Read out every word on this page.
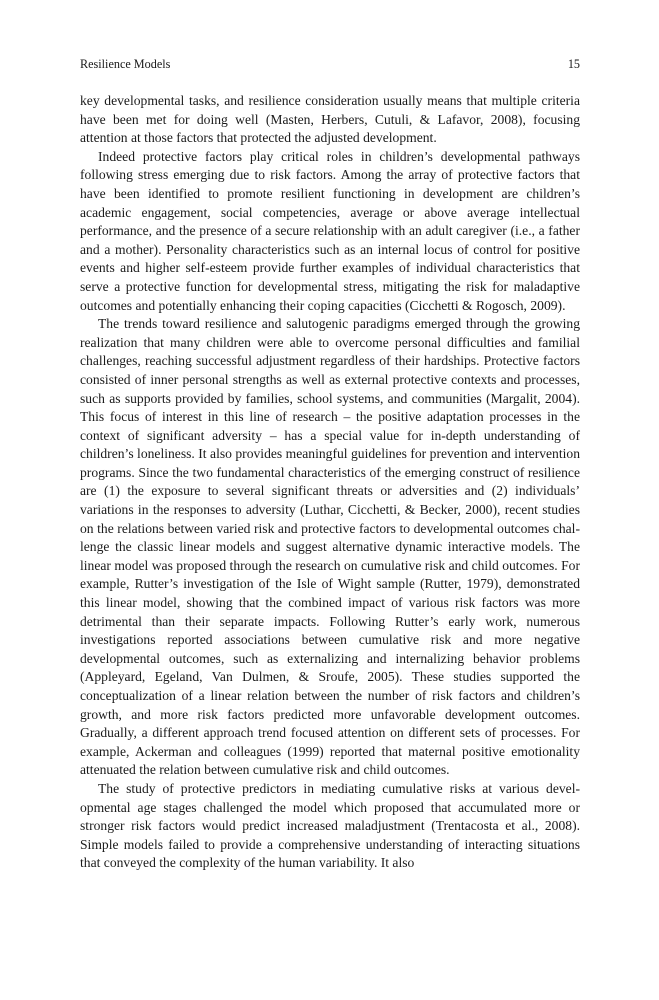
Resilience Models	15

key developmental tasks, and resilience consideration usually means that multiple criteria have been met for doing well (Masten, Herbers, Cutuli, & Lafavor, 2008), focusing attention at those factors that protected the adjusted development.

Indeed protective factors play critical roles in children’s developmental pathways following stress emerging due to risk factors. Among the array of protective factors that have been identified to promote resilient functioning in development are children’s academic engagement, social competencies, average or above average intellectual performance, and the presence of a secure relationship with an adult caregiver (i.e., a father and a mother). Personality characteristics such as an internal locus of control for positive events and higher self-esteem provide further examples of individual characteristics that serve a protective function for developmental stress, mitigating the risk for maladaptive outcomes and potentially enhancing their coping capacities (Cicchetti & Rogosch, 2009).

The trends toward resilience and salutogenic paradigms emerged through the growing realization that many children were able to overcome personal difficulties and familial challenges, reaching successful adjustment regardless of their hardships. Protective factors consisted of inner personal strengths as well as external protective contexts and processes, such as supports provided by families, school systems, and communities (Margalit, 2004). This focus of interest in this line of research – the positive adaptation processes in the context of significant adversity – has a special value for in-depth understanding of children’s loneliness. It also provides meaningful guidelines for prevention and intervention programs. Since the two fundamental characteristics of the emerging construct of resilience are (1) the exposure to several significant threats or adversities and (2) individuals’ variations in the responses to adversity (Luthar, Cicchetti, & Becker, 2000), recent studies on the relations between varied risk and protective factors to developmental outcomes challenge the classic linear models and suggest alternative dynamic interactive models. The linear model was proposed through the research on cumulative risk and child outcomes. For example, Rutter’s investigation of the Isle of Wight sample (Rutter, 1979), demonstrated this linear model, showing that the combined impact of various risk factors was more detrimental than their separate impacts. Following Rutter’s early work, numerous investigations reported associations between cumulative risk and more negative developmental outcomes, such as externalizing and internalizing behavior problems (Appleyard, Egeland, Van Dulmen, & Sroufe, 2005). These studies supported the conceptualization of a linear relation between the number of risk factors and children’s growth, and more risk factors predicted more unfavorable development outcomes. Gradually, a different approach trend focused attention on different sets of processes. For example, Ackerman and colleagues (1999) reported that maternal positive emotionality attenuated the relation between cumulative risk and child outcomes.

The study of protective predictors in mediating cumulative risks at various developmental age stages challenged the model which proposed that accumulated more or stronger risk factors would predict increased maladjustment (Trentacosta et al., 2008). Simple models failed to provide a comprehensive understanding of interacting situations that conveyed the complexity of the human variability. It also
